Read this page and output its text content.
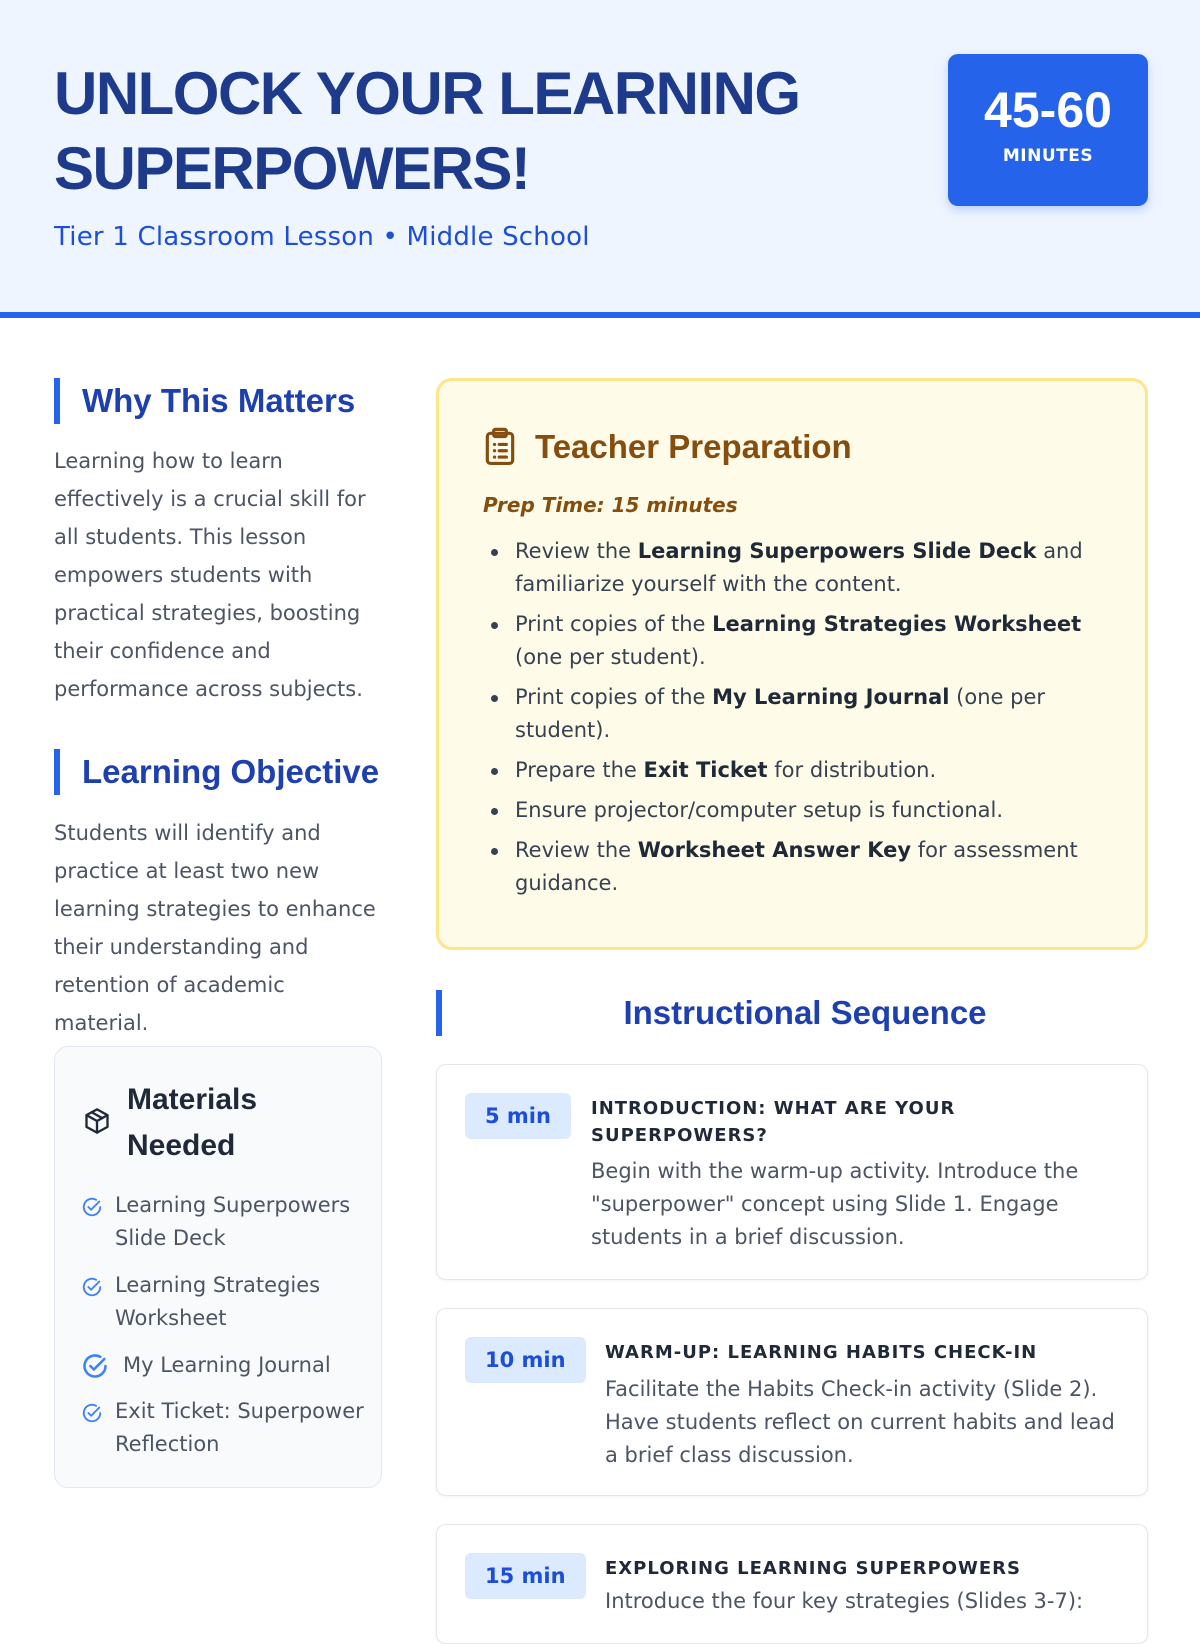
UNLOCK YOUR LEARNING SUPERPOWERS!
Tier 1 Classroom Lesson • Middle School
45-60
MINUTES
Why This Matters

Learning how to learn effectively is a crucial skill for all students. This lesson empowers students with practical strategies, boosting their confidence and performance across subjects.

Learning Objective

Students will identify and practice at least two new learning strategies to enhance their understanding and retention of academic material.

Materials Needed
Learning Superpowers Slide Deck
Learning Strategies Worksheet
My Learning Journal
Exit Ticket: Superpower Reflection
Teacher Preparation
Prep Time: 15 minutes
Review the Learning Superpowers Slide Deck and familiarize yourself with the content.
Print copies of the Learning Strategies Worksheet (one per student).
Print copies of the My Learning Journal (one per student).
Prepare the Exit Ticket for distribution.
Ensure projector/computer setup is functional.
Review the Worksheet Answer Key for assessment guidance.
Instructional Sequence
5 min	INTRODUCTION: WHAT ARE YOUR SUPERPOWERS?
Begin with the warm-up activity. Introduce the "superpower" concept using Slide 1. Engage students in a brief discussion.
10 min	WARM-UP: LEARNING HABITS CHECK-IN
Facilitate the Habits Check-in activity (Slide 2). Have students reflect on current habits and lead a brief class discussion.
15 min	EXPLORING LEARNING SUPERPOWERS
Introduce the four key strategies (Slides 3-7):
